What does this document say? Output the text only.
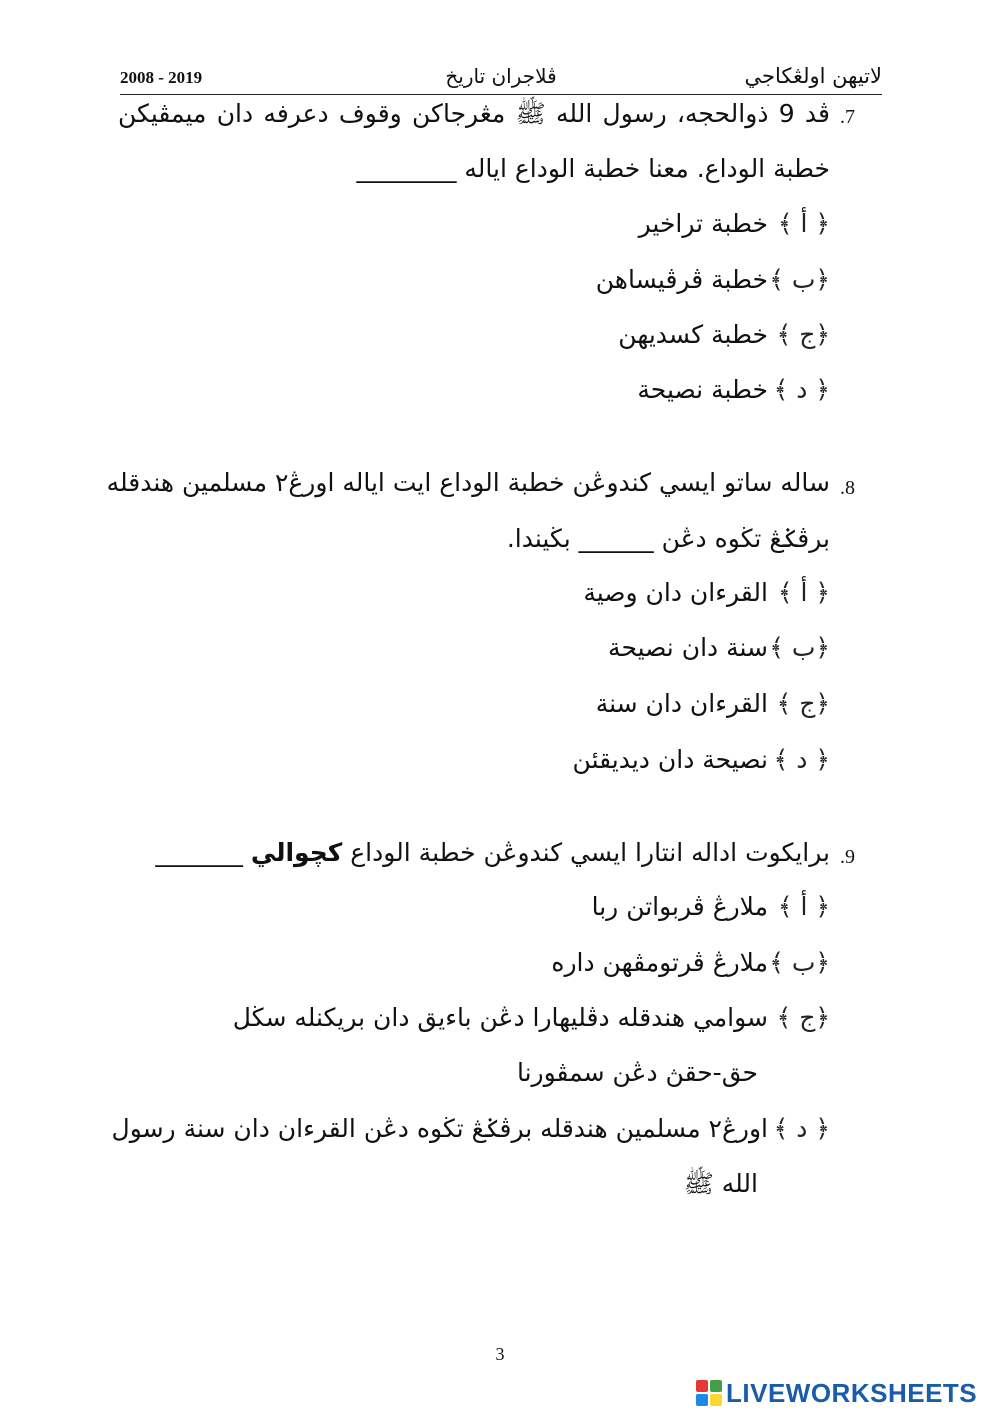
لاتيهن اولڠكاجي
ڤلاجران تاريخ
2008 - 2019
.7
ڤد 9 ذوالحجه، رسول الله ﷺ مڠرجاكن وقوف دعرفه دان ميمڤيكن
خطبة الوداع. معنا خطبة الوداع اياله ________
﴿ أ ﴾خطبة تراخير
﴿ب ﴾خطبة ڤرڤيساهن
﴿ج ﴾خطبة كسديهن
﴿ د ﴾خطبة نصيحة
.8
ساله ساتو ايسي كندوڠن خطبة الوداع ايت اياله اورڠ٢ مسلمين هندقله
برڤݢڠ تڬوه دڠن ______ بڬيندا.
﴿ أ ﴾القرءان دان وصية
﴿ب ﴾سنة دان نصيحة
﴿ج ﴾القرءان دان سنة
﴿ د ﴾نصيحة دان ديديقئن
.9
برايكوت اداله انتارا ايسي كندوڠن خطبة الوداع كچوالي _______
﴿ أ ﴾ملارڠ ڤربواتن ربا
﴿ب ﴾ملارڠ ڤرتومڤهن داره
﴿ج ﴾سوامي هندقله دڤليهارا دڠن باءيق دان بريكنله سڬل
حق-حقڽ دڠن سمڤورنا
﴿ د ﴾اورڠ٢ مسلمين هندقله برڤݢڠ تڬوه دڠن القرءان دان سنة رسول
الله ﷺ
3
LIVEWORKSHEETS
